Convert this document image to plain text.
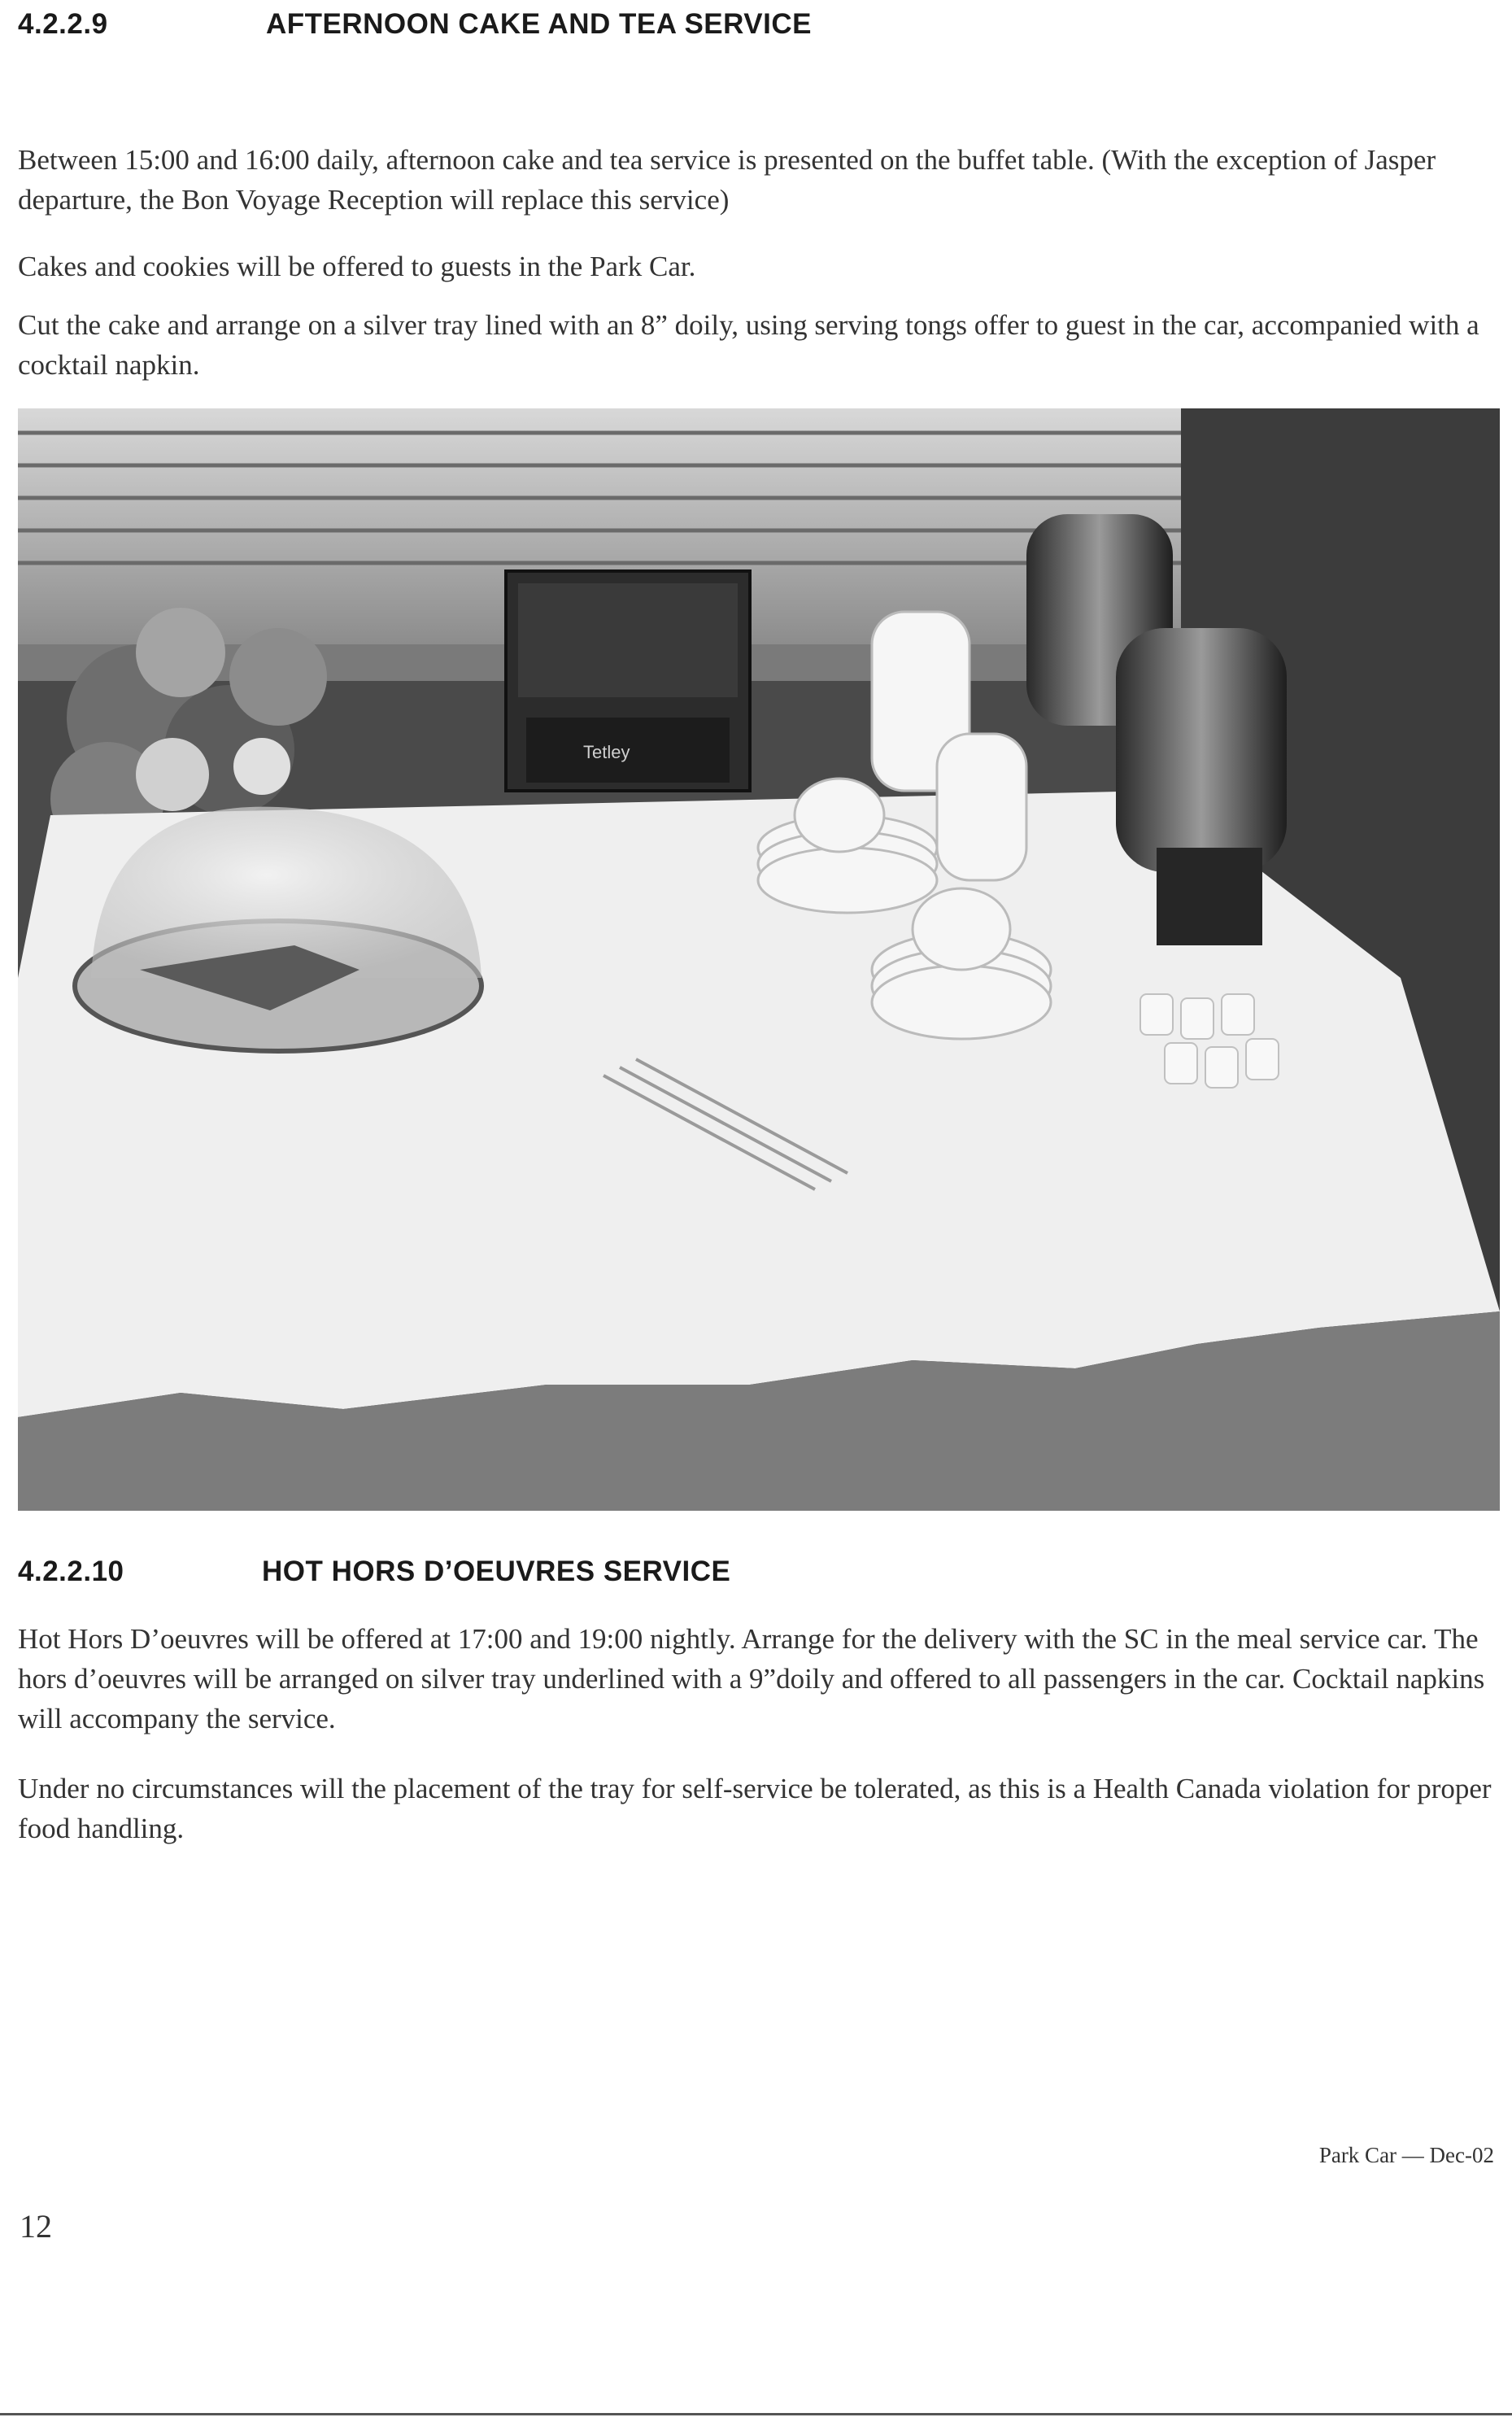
4.2.2.9	AFTERNOON CAKE AND TEA SERVICE

Between 15:00 and 16:00 daily, afternoon cake and tea service is presented on the buffet table. (With the exception of Jasper departure, the Bon Voyage Reception will replace this service)

Cakes and cookies will be offered to guests in the Park Car.

Cut the cake and arrange on a silver tray lined with an 8” doily, using serving tongs offer to guest in the car, accompanied with a cocktail napkin.

Tetley
4.2.2.10	HOT HORS D’OEUVRES SERVICE

Hot Hors D’oeuvres will be offered at 17:00 and 19:00 nightly. Arrange for the delivery with the SC in the meal service car. The hors d’oeuvres will be arranged on silver tray underlined with a 9”doily and offered to all passengers in the car. Cocktail napkins will accompany the service.

Under no circumstances will the placement of the tray for self-service be tolerated, as this is a Health Canada violation for proper food handling.

Park Car — Dec-02
12
